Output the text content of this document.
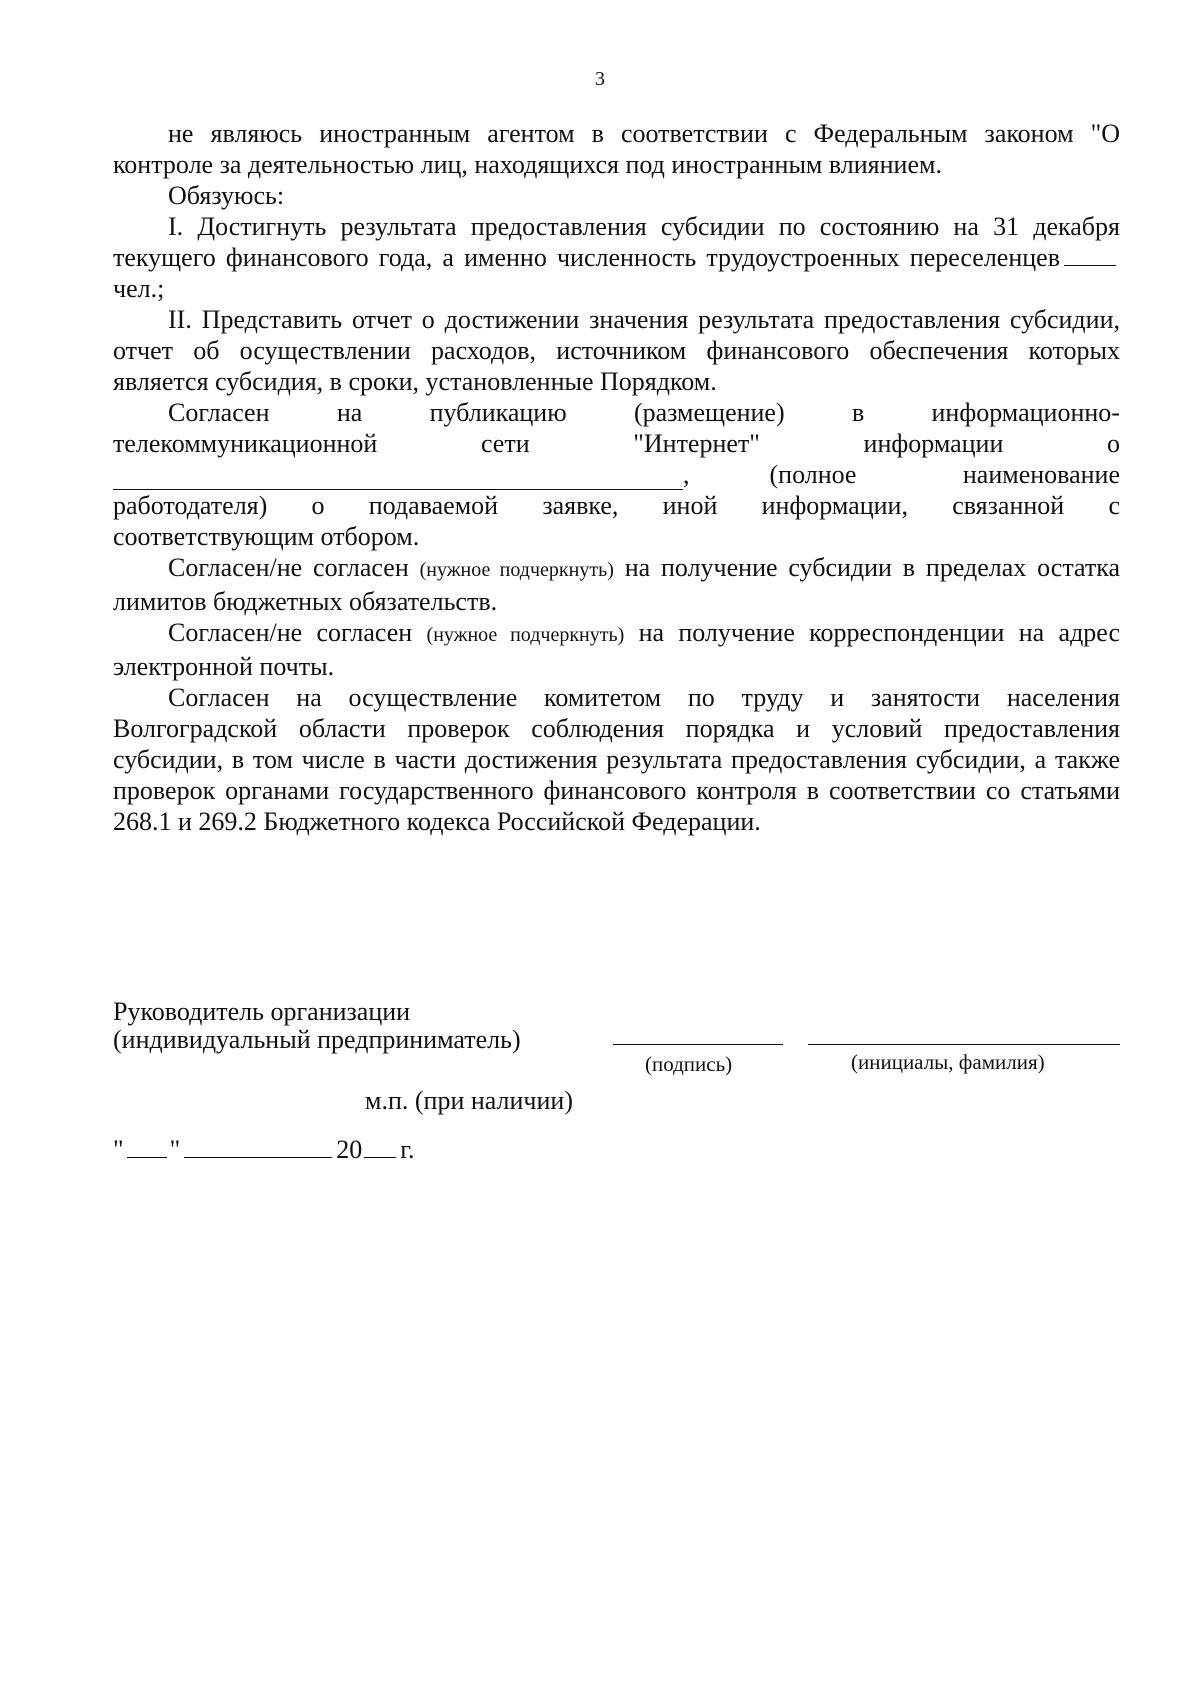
3

не являюсь иностранным агентом в соответствии с Федеральным законом "О контроле за деятельностью лиц, находящихся под иностранным влиянием.

Обязуюсь:

I. Достигнуть результата предоставления субсидии по состоянию на 31 декабря текущего финансового года, а именно численность трудоустроенных переселенцевчел.;

II. Представить отчет о достижении значения результата предоставления субсидии, отчет об осуществлении расходов, источником финансового обеспечения которых является субсидия, в сроки, установленные Порядком.

Согласен	на	публикацию	(размещение)	в	информационно-
телекоммуникационной	сети	"Интернет"	информации	о
,	(полное	наименование
работодателя) о подаваемой заявке, иной информации, связанной с
соответствующим отбором.

Согласен/не согласен (нужное подчеркнуть) на получение субсидии в пределах остатка лимитов бюджетных обязательств.

Согласен/не согласен (нужное подчеркнуть) на получение корреспонденции на адрес электронной почты.

Согласен на осуществление комитетом по труду и занятости населения Волгоградской области проверок соблюдения порядка и условий предоставления субсидии, в том числе в части достижения результата предоставления субсидии, а также проверок органами государственного финансового контроля в соответствии со статьями 268.1 и 269.2 Бюджетного кодекса Российской Федерации.

Руководитель организации
(индивидуальный предприниматель)
(подпись)	(инициалы, фамилия)
м.п. (при наличии)
" "	20 г.
